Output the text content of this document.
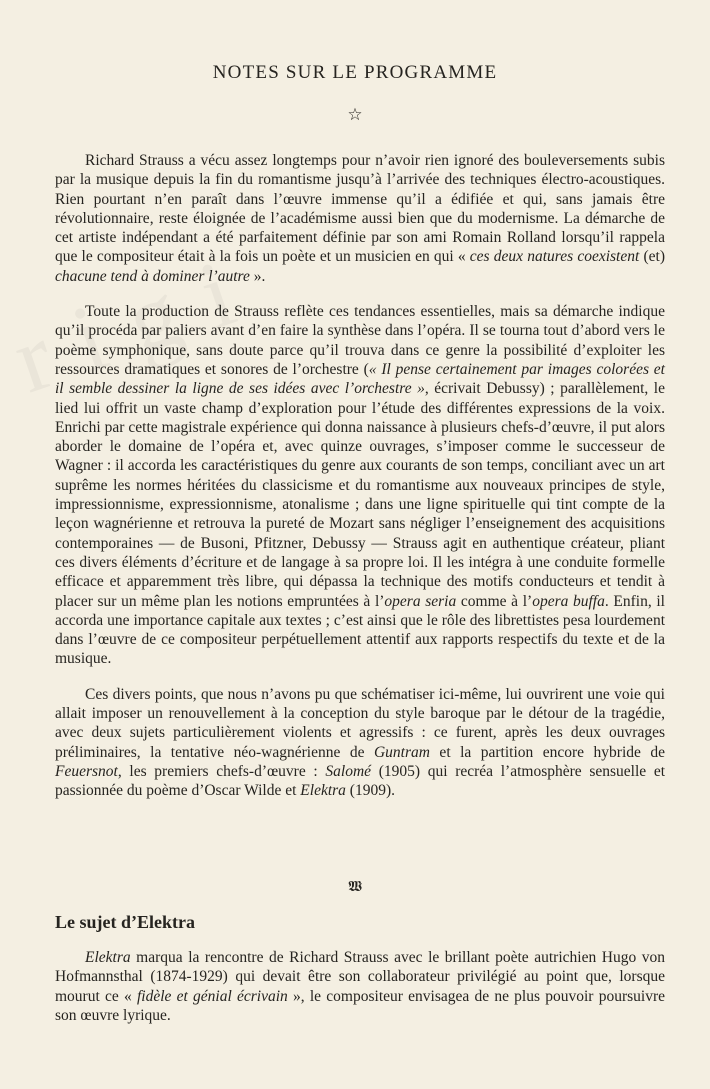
NOTES SUR LE PROGRAMME
☆

Richard Strauss a vécu assez longtemps pour n’avoir rien ignoré des bouleversements subis par la musique depuis la fin du romantisme jusqu’à l’arrivée des techniques électro-acoustiques. Rien pourtant n’en paraît dans l’œuvre immense qu’il a édifiée et qui, sans jamais être révolutionnaire, reste éloignée de l’académisme aussi bien que du modernisme. La démarche de cet artiste indépendant a été parfaitement définie par son ami Romain Rolland lorsqu’il rappela que le compositeur était à la fois un poète et un musicien en qui « ces deux natures coexistent (et) chacune tend à dominer l’autre ».

Toute la production de Strauss reflète ces tendances essentielles, mais sa démarche indique qu’il procéda par paliers avant d’en faire la synthèse dans l’opéra. Il se tourna tout d’abord vers le poème symphonique, sans doute parce qu’il trouva dans ce genre la possibilité d’exploiter les ressources dramatiques et sonores de l’orchestre (« Il pense certainement par images colorées et il semble dessiner la ligne de ses idées avec l’orchestre », écrivait Debussy) ; parallèlement, le lied lui offrit un vaste champ d’exploration pour l’étude des différentes expressions de la voix. Enrichi par cette magistrale expérience qui donna naissance à plusieurs chefs-d’œuvre, il put alors aborder le domaine de l’opéra et, avec quinze ouvrages, s’imposer comme le successeur de Wagner : il accorda les caractéristiques du genre aux courants de son temps, conciliant avec un art suprême les normes héritées du classicisme et du romantisme aux nouveaux principes de style, impressionnisme, expressionnisme, atonalisme ; dans une ligne spirituelle qui tint compte de la leçon wagnérienne et retrouva la pureté de Mozart sans négliger l’enseignement des acquisitions contemporaines — de Busoni, Pfitzner, Debussy — Strauss agit en authentique créateur, pliant ces divers éléments d’écriture et de langage à sa propre loi. Il les intégra à une conduite formelle efficace et apparemment très libre, qui dépassa la technique des motifs conducteurs et tendit à placer sur un même plan les notions empruntées à l’opera seria comme à l’opera buffa. Enfin, il accorda une importance capitale aux textes ; c’est ainsi que le rôle des librettistes pesa lourdement dans l’œuvre de ce compositeur perpétuellement attentif aux rapports respectifs du texte et de la musique.

Ces divers points, que nous n’avons pu que schématiser ici-même, lui ouvrirent une voie qui allait imposer un renouvellement à la conception du style baroque par le détour de la tragédie, avec deux sujets particulièrement violents et agressifs : ce furent, après les deux ouvrages préliminaires, la tentative néo-wagnérienne de Guntram et la partition encore hybride de Feuersnot, les premiers chefs-d’œuvre : Salomé (1905) qui recréa l’atmosphère sensuelle et passionnée du poème d’Oscar Wilde et Elektra (1909).

𝖂
Le sujet d’Elektra

Elektra marqua la rencontre de Richard Strauss avec le brillant poète autrichien Hugo von Hofmannsthal (1874-1929) qui devait être son collaborateur privilégié au point que, lorsque mourut ce « fidèle et génial écrivain », le compositeur envisagea de ne plus pouvoir poursuivre son œuvre lyrique.
